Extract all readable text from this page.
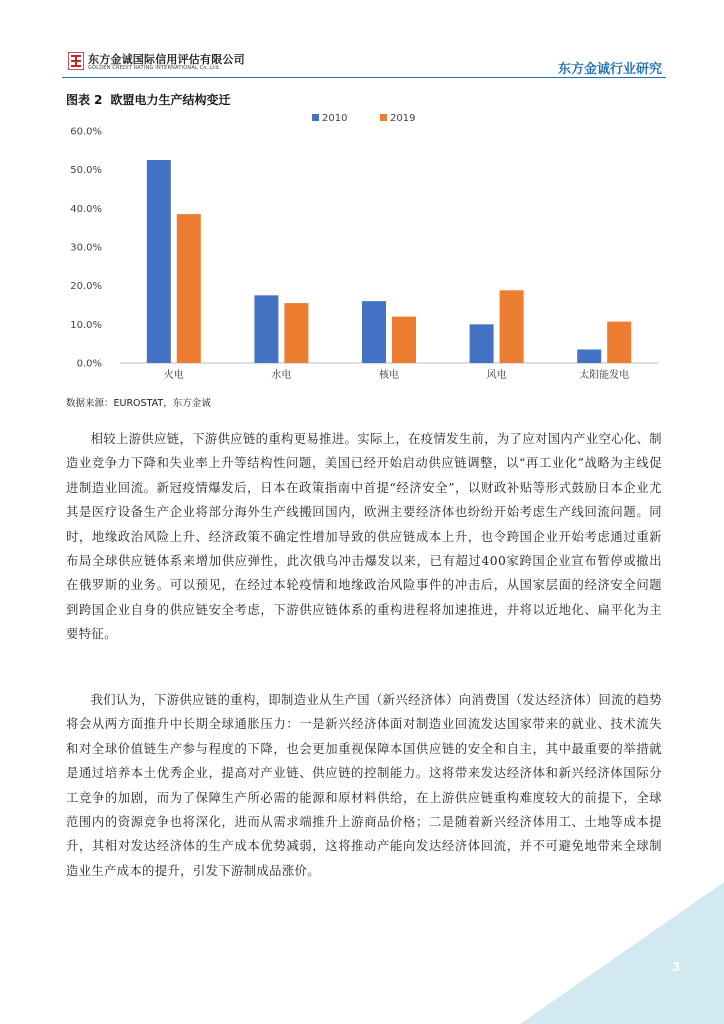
东方金诚国际信用评估有限公司
GOLDEN CREDIT RATING INTERNATIONAL Co.,Ltd.	东方金诚行业研究
图表 2 欧盟电力生产结构变迁
0.0%
10.0%
20.0%
30.0%
40.0%
50.0%
60.0%
火电	水电	核电	风电	太阳能发电
2010	2019
数据来源：EUROSTAT，东方金诚

相较上游供应链，下游供应链的重构更易推进。实际上，在疫情发生前，为了应对国内产业空心化、制造业竞争力下降和失业率上升等结构性问题，美国已经开始启动供应链调整，以“再工业化”战略为主线促进制造业回流。新冠疫情爆发后，日本在政策指南中首提“经济安全”，以财政补贴等形式鼓励日本企业尤其是医疗设备生产企业将部分海外生产线搬回国内，欧洲主要经济体也纷纷开始考虑生产线回流问题。同时，地缘政治风险上升、经济政策不确定性增加导致的供应链成本上升，也令跨国企业开始考虑通过重新布局全球供应链体系来增加供应弹性，此次俄乌冲击爆发以来，已有超过400家跨国企业宣布暂停或撤出在俄罗斯的业务。可以预见，在经过本轮疫情和地缘政治风险事件的冲击后，从国家层面的经济安全问题到跨国企业自身的供应链安全考虑，下游供应链体系的重构进程将加速推进，并将以近地化、扁平化为主要特征。

我们认为，下游供应链的重构，即制造业从生产国（新兴经济体）向消费国（发达经济体）回流的趋势将会从两方面推升中长期全球通胀压力：一是新兴经济体面对制造业回流发达国家带来的就业、技术流失和对全球价值链生产参与程度的下降，也会更加重视保障本国供应链的安全和自主，其中最重要的举措就是通过培养本土优秀企业，提高对产业链、供应链的控制能力。这将带来发达经济体和新兴经济体国际分工竞争的加剧，而为了保障生产所必需的能源和原材料供给，在上游供应链重构难度较大的前提下，全球范围内的资源竞争也将深化，进而从需求端推升上游商品价格；二是随着新兴经济体用工、土地等成本提升，其相对发达经济体的生产成本优势减弱，这将推动产能向发达经济体回流，并不可避免地带来全球制造业生产成本的提升，引发下游制成品涨价。

3
